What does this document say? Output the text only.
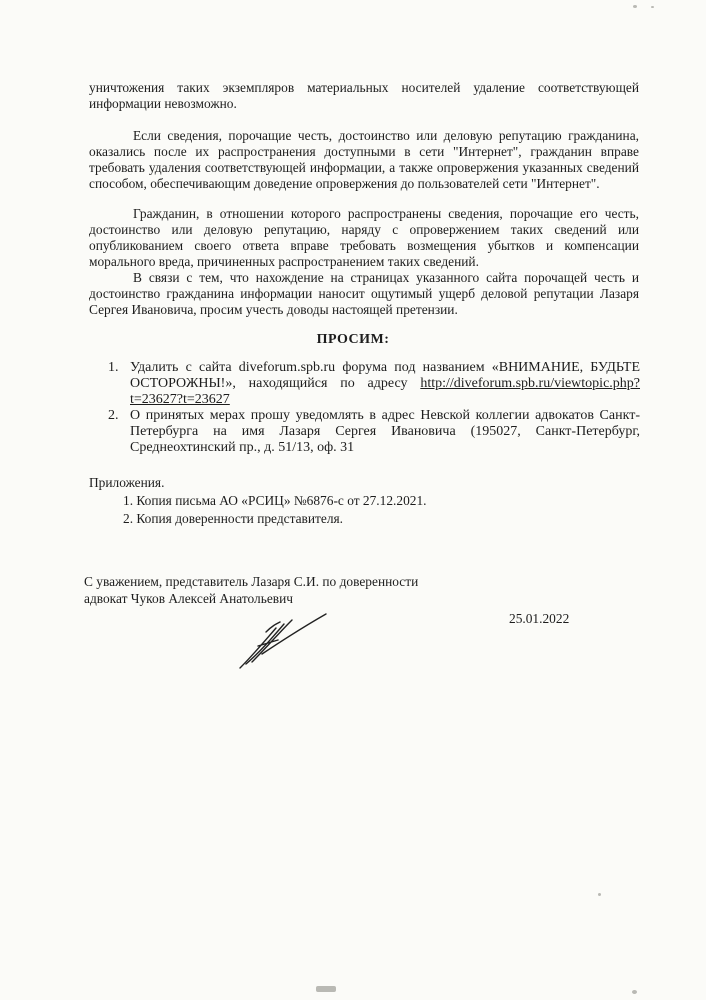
уничтожения таких экземпляров материальных носителей удаление соответствующей информации невозможно.

Если сведения, порочащие честь, достоинство или деловую репутацию гражданина, оказались после их распространения доступными в сети "Интернет", гражданин вправе требовать удаления соответствующей информации, а также опровержения указанных сведений способом, обеспечивающим доведение опровержения до пользователей сети "Интернет".

Гражданин, в отношении которого распространены сведения, порочащие его честь, достоинство или деловую репутацию, наряду с опровержением таких сведений или опубликованием своего ответа вправе требовать возмещения убытков и компенсации морального вреда, причиненных распространением таких сведений.

В связи с тем, что нахождение на страницах указанного сайта порочащей честь и достоинство гражданина информации наносит ощутимый ущерб деловой репутации Лазаря Сергея Ивановича, просим учесть доводы настоящей претензии.

ПРОСИМ:
1. Удалить с сайта diveforum.spb.ru форума под названием «ВНИМАНИЕ, БУДЬТЕ ОСТОРОЖНЫ!», находящийся по адресу http://diveforum.spb.ru/viewtopic.php?t=23627?t=23627
2. О принятых мерах прошу уведомлять в адрес Невской коллегии адвокатов Санкт-Петербурга на имя Лазаря Сергея Ивановича (195027, Санкт-Петербург, Среднеохтинский пр., д. 51/13, оф. 31
Приложения.
1. Копия письма АО «РСИЦ» №6876-с от 27.12.2021.
2. Копия доверенности представителя.
С уважением, представитель Лазаря С.И. по доверенности
адвокат Чуков Алексей Анатольевич
25.01.2022
